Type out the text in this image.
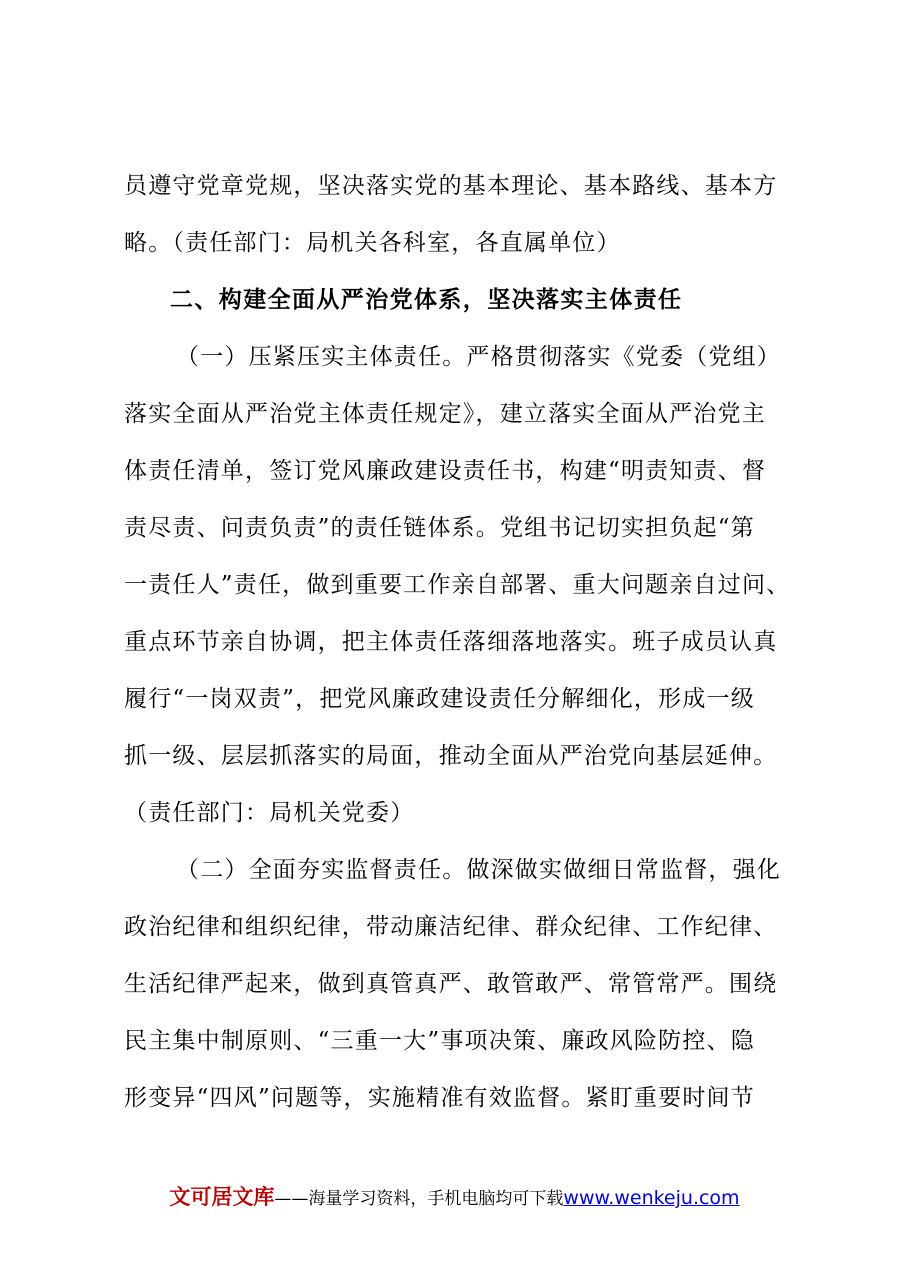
员遵守党章党规，坚决落实党的基本理论、基本路线、基本方
略。（责任部门：局机关各科室，各直属单位）
二、构建全面从严治党体系，坚决落实主体责任
（一）压紧压实主体责任。严格贯彻落实《党委（党组）
落实全面从严治党主体责任规定》，建立落实全面从严治党主
体责任清单，签订党风廉政建设责任书，构建“明责知责、督
责尽责、问责负责”的责任链体系。党组书记切实担负起“第
一责任人”责任，做到重要工作亲自部署、重大问题亲自过问、
重点环节亲自协调，把主体责任落细落地落实。班子成员认真
履行“一岗双责”，把党风廉政建设责任分解细化，形成一级
抓一级、层层抓落实的局面，推动全面从严治党向基层延伸。
（责任部门：局机关党委）
（二）全面夯实监督责任。做深做实做细日常监督，强化
政治纪律和组织纪律，带动廉洁纪律、群众纪律、工作纪律、
生活纪律严起来，做到真管真严、敢管敢严、常管常严。围绕
民主集中制原则、“三重一大”事项决策、廉政风险防控、隐
形变异“四风”问题等，实施精准有效监督。紧盯重要时间节
文可居文库——海量学习资料，手机电脑均可下载www.wenkeju.com
